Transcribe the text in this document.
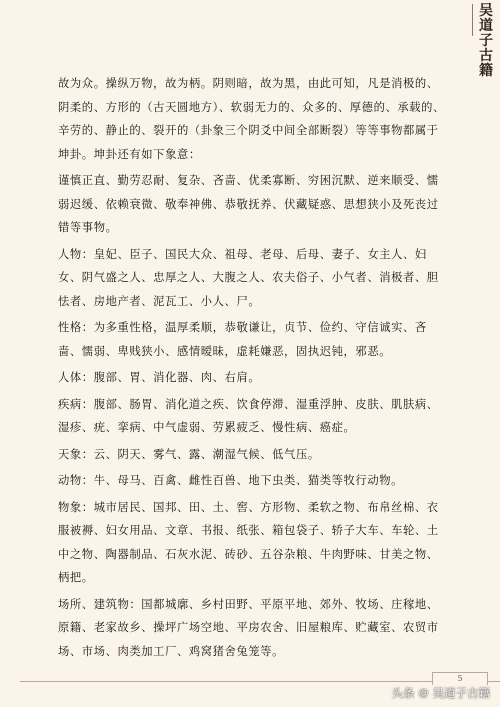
吴
道
子
古
籍

故为众。操纵万物，故为柄。阴则暗，故为黑，由此可知，凡是消极的、阴柔的、方形的（古天圆地方）、软弱无力的、众多的、厚德的、承载的、辛劳的、静止的、裂开的（卦象三个阴爻中间全部断裂）等等事物都属于坤卦。坤卦还有如下象意：

谨慎正直、勤劳忍耐、复杂、吝啬、优柔寡断、穷困沉默、逆来顺受、懦弱迟缓、依赖衰微、敬奉神佛、恭敬抚养、伏藏疑惑、思想狭小及死丧过错等事物。

人物：皇妃、臣子、国民大众、祖母、老母、后母、妻子、女主人、妇女、阴气盛之人、忠厚之人、大腹之人、农夫俗子、小气者、消极者、胆怯者、房地产者、泥瓦工、小人、尸。

性格：为多重性格，温厚柔顺，恭敬谦让，贞节、俭约、守信诚实、吝啬、懦弱、卑贱狭小、感情暧昧，虚耗嫌恶，固执迟钝，邪恶。

人体：腹部、胃、消化器、肉、右肩。

疾病：腹部、肠胃、消化道之疾、饮食停滞、湿重浮肿、皮肤、肌肤病、湿疹、疣、挛病、中气虚弱、劳累疲乏、慢性病、癌症。

天象：云、阴天、雾气、露、潮湿气候、低气压。

动物：牛、母马、百禽、雌性百兽、地下虫类、猫类等牧行动物。

物象：城市居民、国邦、田、土、窖、方形物、柔软之物、布帛丝棉、衣服被褥、妇女用品、文章、书报、纸张、箱包袋子、轿子大车、车轮、土中之物、陶器制品、石灰水泥、砖砂、五谷杂粮、牛肉野味、甘美之物、柄把。

场所、建筑物：国都城廓、乡村田野、平原平地、郊外、牧场、庄稼地、原籍、老家故乡、操坪广场空地、平房农舍、旧屋粮库、贮藏室、农贸市场、市场、肉类加工厂、鸡窝猪舍兔笼等。

5
头条 @ 吴道子古籍
